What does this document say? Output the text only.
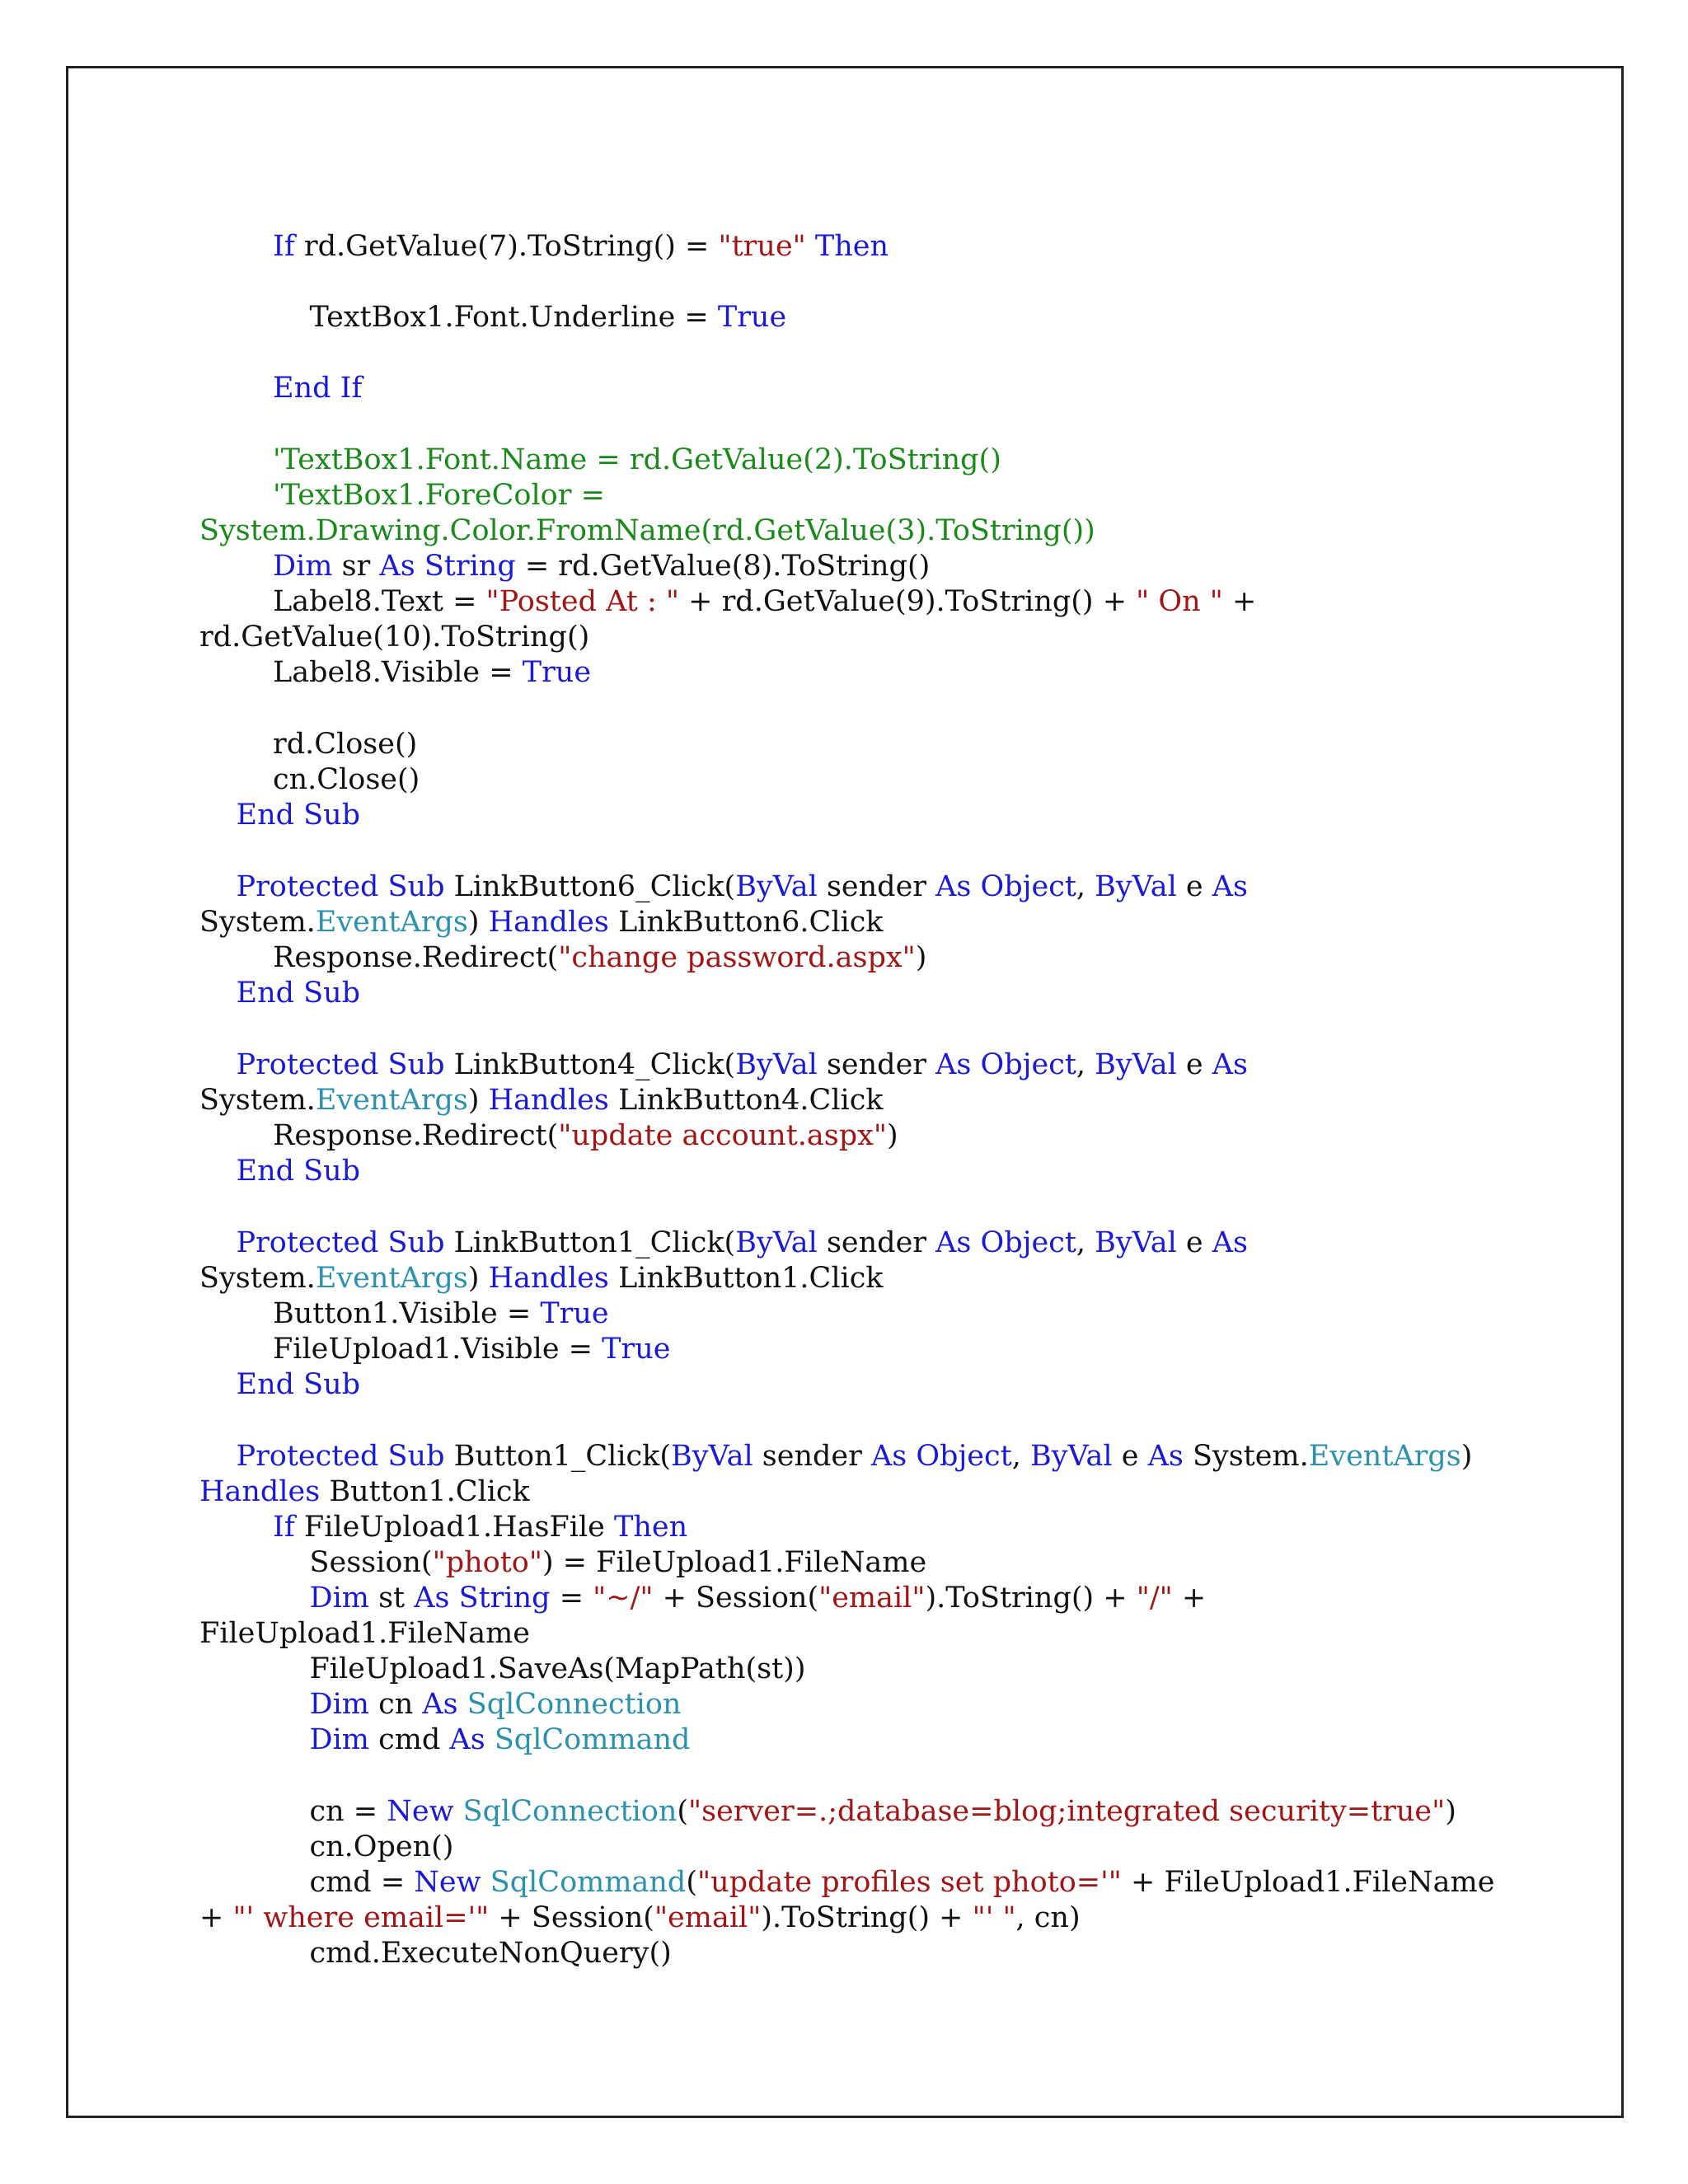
If rd.GetValue(7).ToString() = "true" Then
TextBox1.Font.Underline = True
End If
'TextBox1.Font.Name = rd.GetValue(2).ToString()
'TextBox1.ForeColor =
System.Drawing.Color.FromName(rd.GetValue(3).ToString())
Dim sr As String = rd.GetValue(8).ToString()
Label8.Text = "Posted At : " + rd.GetValue(9).ToString() + " On " +
rd.GetValue(10).ToString()
Label8.Visible = True
rd.Close()
cn.Close()
End Sub
Protected Sub LinkButton6_Click(ByVal sender As Object, ByVal e As
System.EventArgs) Handles LinkButton6.Click
Response.Redirect("change password.aspx")
End Sub
Protected Sub LinkButton4_Click(ByVal sender As Object, ByVal e As
System.EventArgs) Handles LinkButton4.Click
Response.Redirect("update account.aspx")
End Sub
Protected Sub LinkButton1_Click(ByVal sender As Object, ByVal e As
System.EventArgs) Handles LinkButton1.Click
Button1.Visible = True
FileUpload1.Visible = True
End Sub
Protected Sub Button1_Click(ByVal sender As Object, ByVal e As System.EventArgs)
Handles Button1.Click
If FileUpload1.HasFile Then
Session("photo") = FileUpload1.FileName
Dim st As String = "~/" + Session("email").ToString() + "/" +
FileUpload1.FileName
FileUpload1.SaveAs(MapPath(st))
Dim cn As SqlConnection
Dim cmd As SqlCommand
cn = New SqlConnection("server=.;database=blog;integrated security=true")
cn.Open()
cmd = New SqlCommand("update profiles set photo='" + FileUpload1.FileName
+ "' where email='" + Session("email").ToString() + "' ", cn)
cmd.ExecuteNonQuery()
